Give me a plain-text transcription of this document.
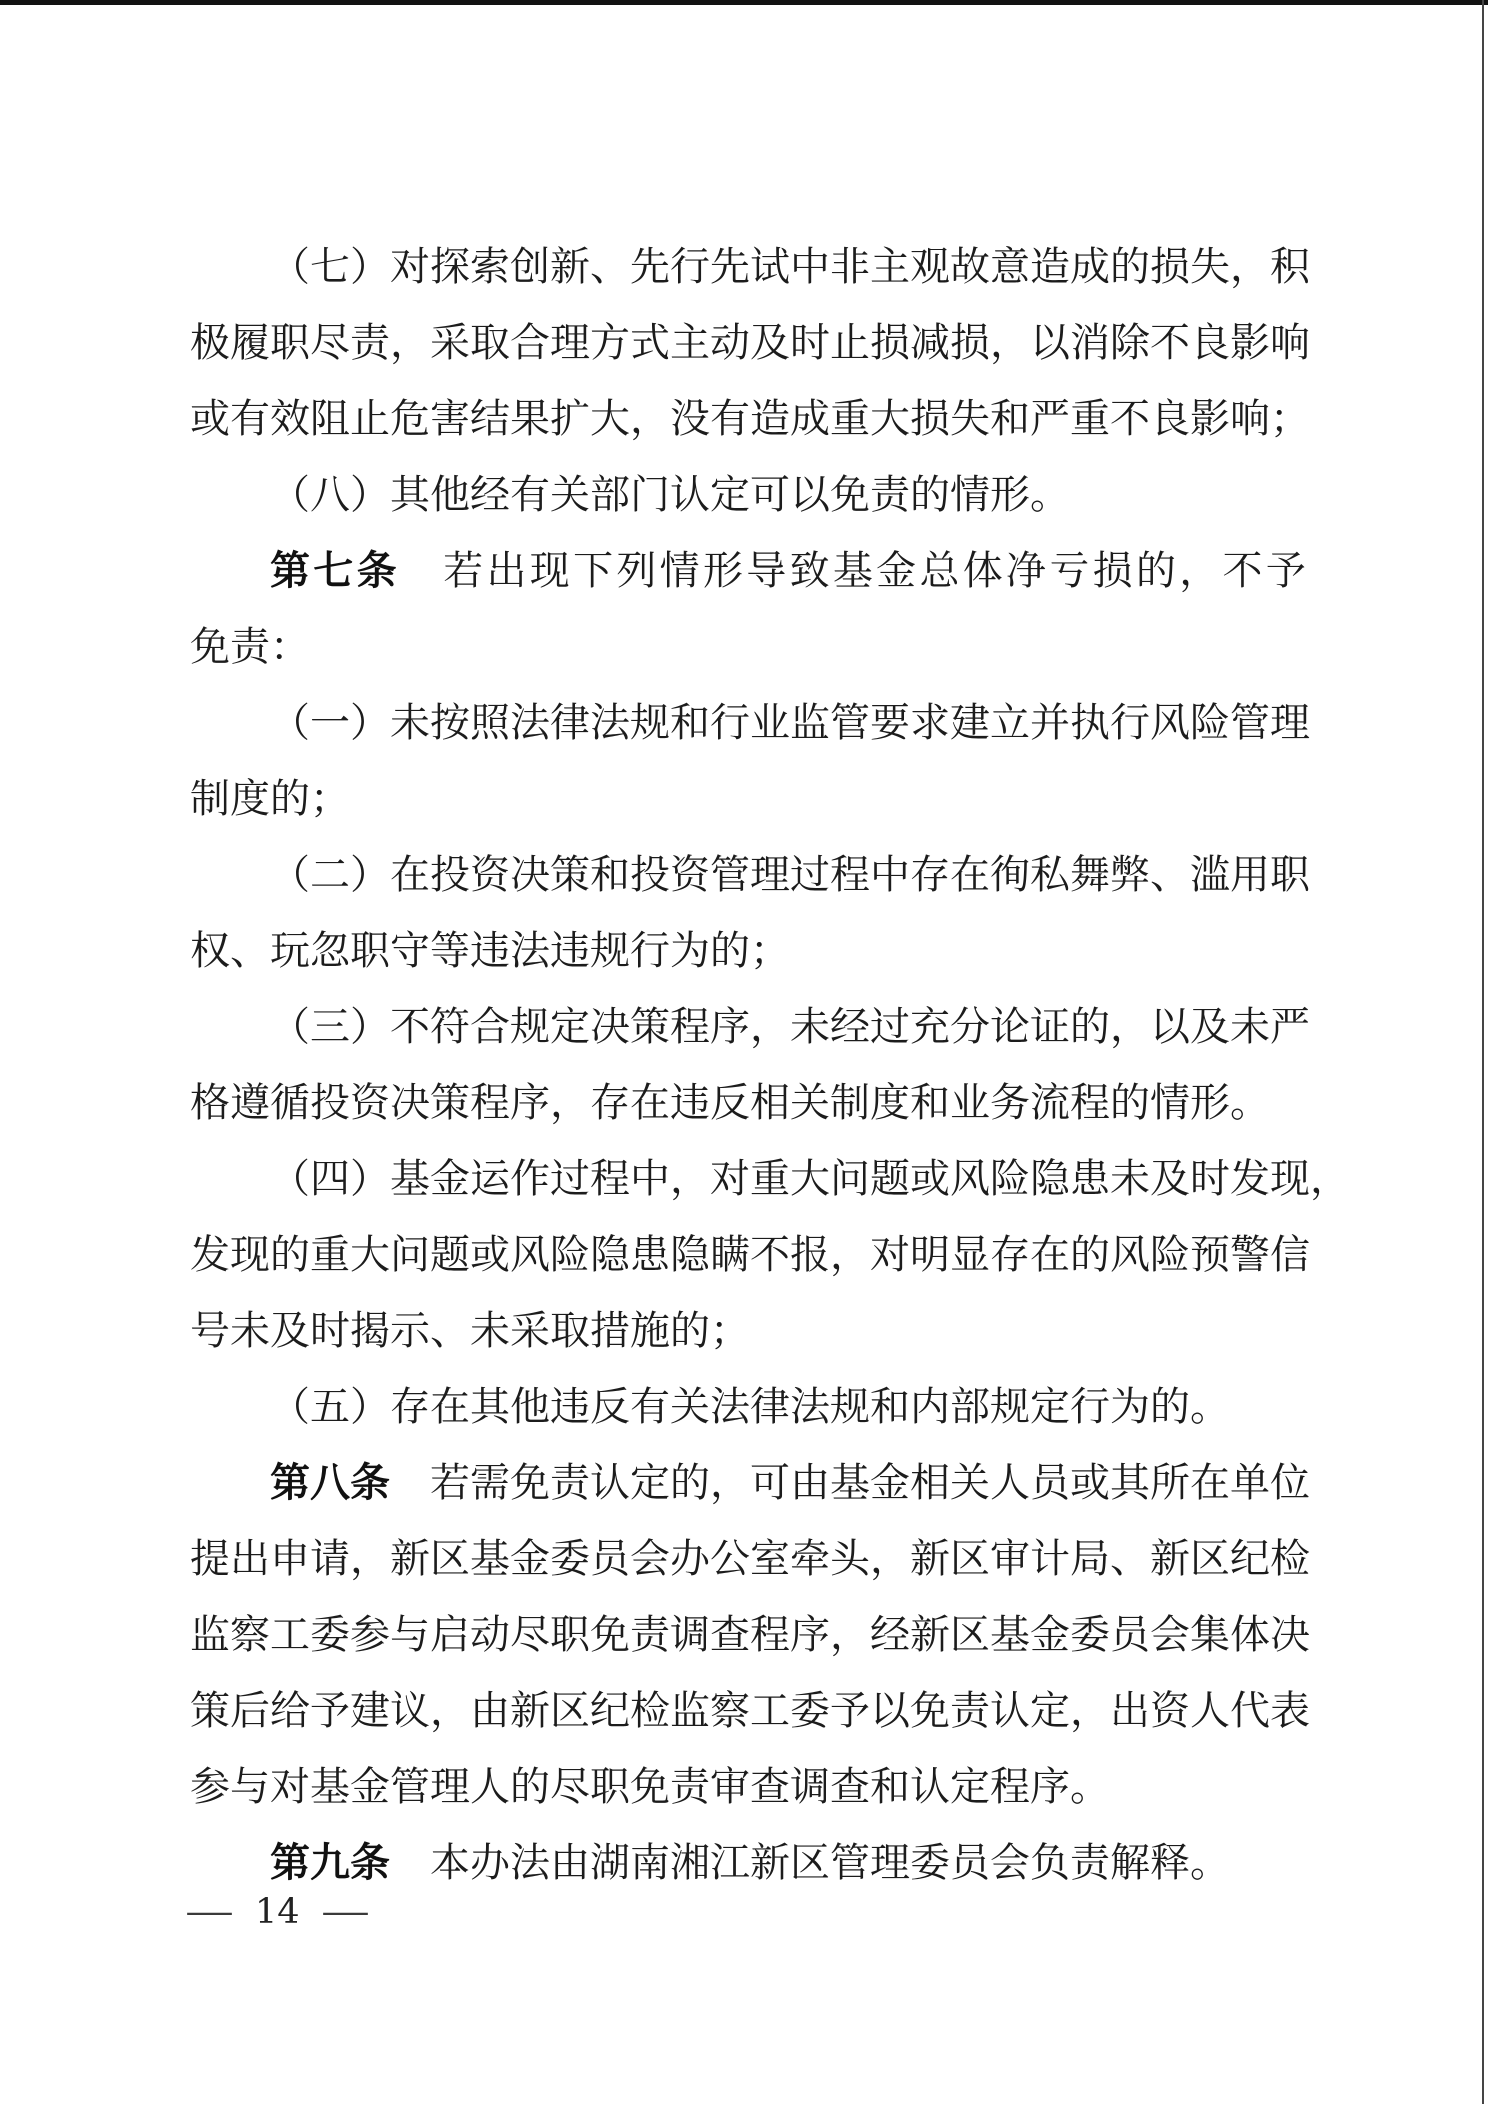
（ 七 ） 对 探 索 创 新 、 先 行 先 试 中 非 主 观 故 意 造 成 的 损 失 ， 积
极 履 职 尽 责 ， 采 取 合 理 方 式 主 动 及 时 止 损 减 损 ， 以 消 除 不 良 影 响
或 有 效 阻 止 危 害 结 果 扩 大 ， 没 有 造 成 重 大 损 失 和 严 重 不 良 影 响 ；
（ 八 ） 其 他 经 有 关 部 门 认 定 可 以 免 责 的 情 形 。
第 七 条 若 出 现 下 列 情 形 导 致 基 金 总 体 净 亏 损 的 ， 不 予
免 责 ：
（ 一 ） 未 按 照 法 律 法 规 和 行 业 监 管 要 求 建 立 并 执 行 风 险 管 理
制 度 的 ；
（ 二 ） 在 投 资 决 策 和 投 资 管 理 过 程 中 存 在 徇 私 舞 弊 、 滥 用 职
权 、 玩 忽 职 守 等 违 法 违 规 行 为 的 ；
（ 三 ） 不 符 合 规 定 决 策 程 序 ， 未 经 过 充 分 论 证 的 ， 以 及 未 严
格 遵 循 投 资 决 策 程 序 ， 存 在 违 反 相 关 制 度 和 业 务 流 程 的 情 形 。
（ 四 ） 基 金 运 作 过 程 中 ， 对 重 大 问 题 或 风 险 隐 患 未 及 时 发 现 ，
发 现 的 重 大 问 题 或 风 险 隐 患 隐 瞒 不 报 ， 对 明 显 存 在 的 风 险 预 警 信
号 未 及 时 揭 示 、 未 采 取 措 施 的 ；
（ 五 ） 存 在 其 他 违 反 有 关 法 律 法 规 和 内 部 规 定 行 为 的 。
第 八 条 若 需 免 责 认 定 的 ， 可 由 基 金 相 关 人 员 或 其 所 在 单 位
提 出 申 请 ， 新 区 基 金 委 员 会 办 公 室 牵 头 ， 新 区 审 计 局 、 新 区 纪 检
监 察 工 委 参 与 启 动 尽 职 免 责 调 查 程 序 ， 经 新 区 基 金 委 员 会 集 体 决
策 后 给 予 建 议 ， 由 新 区 纪 检 监 察 工 委 予 以 免 责 认 定 ， 出 资 人 代 表
参 与 对 基 金 管 理 人 的 尽 职 免 责 审 查 调 查 和 认 定 程 序 。
第 九 条 本 办 法 由 湖 南 湘 江 新 区 管 理 委 员 会 负 责 解 释 。
— 14 —
